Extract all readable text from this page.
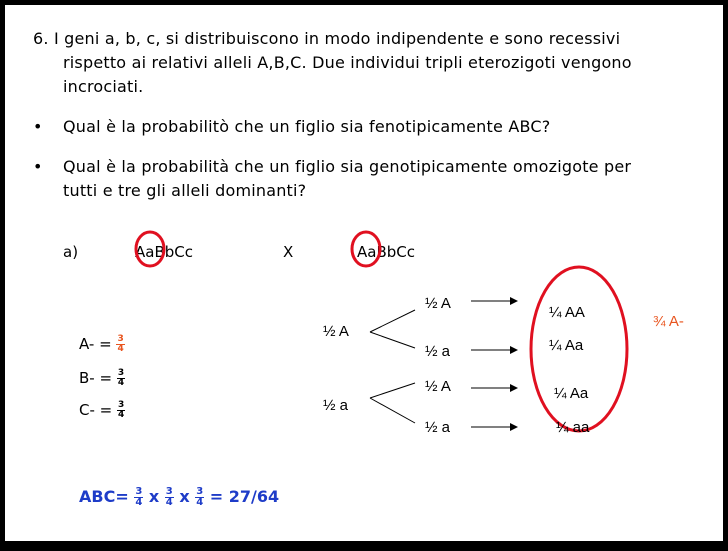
6. I geni a, b, c, si distribuiscono in modo indipendente e sono recessivi
rispetto ai relativi alleli A,B,C. Due individui tripli eterozigoti vengono
incrociati.
•	Qual è la probabilitò che un figlio sia fenotipicamente ABC?
•	Qual è la probabilità che un figlio sia genotipicamente omozigote per
tutti e tre gli alleli dominanti?
a)	AaBbCc	X	AaBbCc
$A- = \frac{3}{4}$
$B- = \frac{3}{4}$
$C- = \frac{3}{4}$
½ A
½ a
½ A
½ a
½ A
½ a
¼ AA
¼ Aa
¼ Aa
¼ aa
¾ A-
$ABC= \frac{3}{4}$ x $\frac{3}{4}$ x $\frac{3}{4} = 27/64$
